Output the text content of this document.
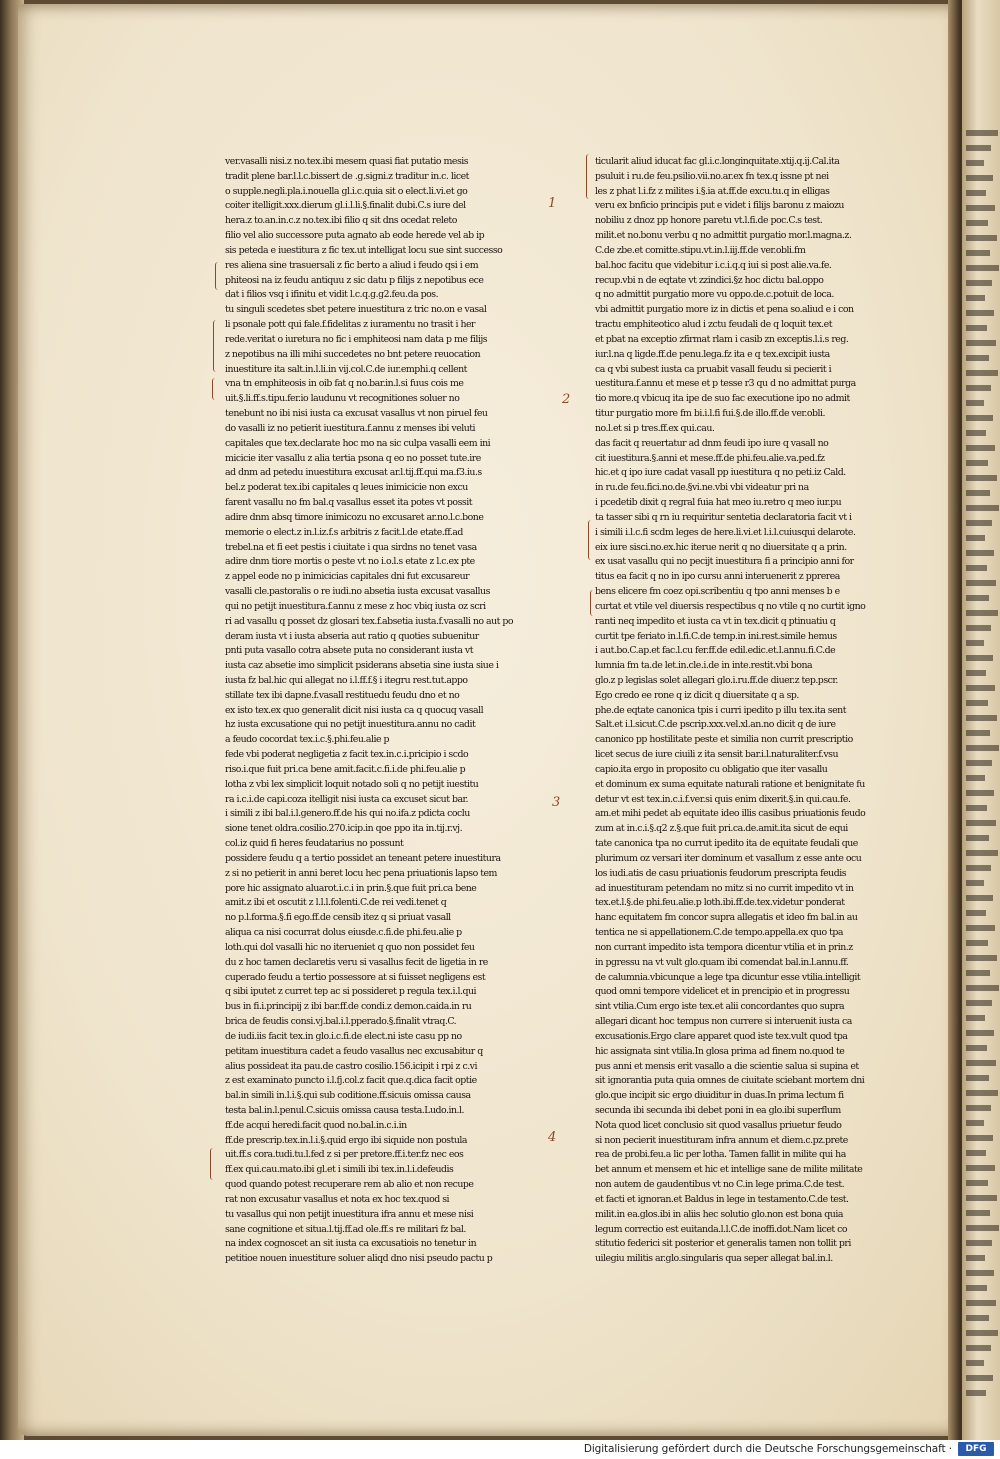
ver.vasalli nisi.z no.tex.ibi mesem quasi fiat putatio mesis
tradit plene bar.l.l.c.bissert de .g.signi.z traditur in.c. licet
o supple.negli.pla.i.nouella gl.i.c.quia sit o elect.li.vi.et go
coiter itelligit.xxx.dierum gl.i.l.li.§.finalit dubi.C.s iure del
hera.z to.an.in.c.z no.tex.ibi filio q sit dns ocedat releto
filio vel alio successore puta agnato ab eode herede vel ab ip
sis peteda e iuestitura z fic tex.ut intelligat locu sue sint successo
res aliena sine trasuersali z fic berto a aliud i feudo qsi i em
phiteosi na iz feudu antiquu z sic datu p filijs z nepotibus ece
dat i filios vsq i ifinitu et vidit l.c.q.g.g2.feu.da pos.
tu singuli scedetes sbet petere inuestitura z tric no.on e vasal
li psonale pott qui fale.f.fidelitas z iuramentu no trasit i her
rede.veritat o iuretura no fic i emphiteosi nam data p me filijs
z nepotibus na illi mihi succedetes no bnt petere reuocation
inuestiture ita salt.in.l.li.in vij.col.C.de iur.emphi.q cellent
vna tn emphiteosis in oib fat q no.bar.in.l.si fuus cois me
uit.§.li.ff.s.tipu.fer.io laudunu vt recognitiones soluer no
tenebunt no ibi nisi iusta ca excusat vasallus vt non piruel feu
do vasalli iz no petierit iuestitura.f.annu z menses ibi veluti
capitales que tex.declarate hoc mo na sic culpa vasalli eem ini
micicie iter vasallu z alia tertia psona q eo no posset tute.ire
ad dnm ad petedu inuestitura excusat ar.l.tij.ff.qui ma.f3.iu.s
bel.z poderat tex.ibi capitales q leues inimicicie non excu
farent vasallu no fm bal.q vasallus esset ita potes vt possit
adire dnm absq timore inimicozu no excusaret ar.no.l.c.bone
memorie o elect.z in.l.iz.f.s arbitris z facit.l.de etate.ff.ad
trebel.na et fi eet pestis i ciuitate i qua sirdns no tenet vasa
adire dnm tiore mortis o peste vt no i.o.l.s etate z l.c.ex pte
z appel eode no p inimicicias capitales dni fut excusareur
vasalli cle.pastoralis o re iudi.no absetia iusta excusat vasallus
qui no petijt inuestitura.f.annu z mese z hoc vbiq iusta oz scri
ri ad vasallu q posset dz glosari tex.f.absetia iusta.f.vasalli no aut po
deram iusta vt i iusta abseria aut ratio q quoties subuenitur
pnti puta vasallo cotra absete puta no considerant iusta vt
iusta caz absetie imo simplicit psiderans absetia sine iusta siue i
iusta fz bal.hic qui allegat no i.l.ff.f.§ i itegru rest.tut.appo
stillate tex ibi dapne.f.vasall restituedu feudu dno et no
ex isto tex.ex quo generalit dicit nisi iusta ca q quocuq vasall
hz iusta excusatione qui no petijt inuestitura.annu no cadit
a feudo cocordat tex.i.c.§.phi.feu.alie p
fede vbi poderat negligetia z facit tex.in.c.i.pricipio i scdo
riso.i.que fuit pri.ca bene amit.facit.c.fi.i.de phi.feu.alie p
lotha z vbi lex simplicit loquit notado soli q no petijt iuestitu
ra i.c.i.de capi.coza itelligit nisi iusta ca excuset sicut bar.
i simili z ibi bal.i.l.genero.ff.de his qui no.ifa.z pdicta coclu
sione tenet oldra.cosilio.270.icip.in qoe ppo ita in.tij.r.vj.
col.iz quid fi heres feudatarius no possunt
possidere feudu q a tertio possidet an teneant petere inuestitura
z si no petierit in anni beret locu hec pena priuationis lapso tem
pore hic assignato aluarot.i.c.i in prin.§.que fuit pri.ca bene
amit.z ibi et oscutit z l.l.l.folenti.C.de rei vedi.tenet q
no p.l.forma.§.fi ego.ff.de censib itez q si priuat vasall
aliqua ca nisi cocurrat dolus eiusde.c.fi.de phi.feu.alie p
loth.qui dol vasalli hic no iterueniet q quo non possidet feu
du z hoc tamen declaretis veru si vasallus fecit de ligetia in re
cuperado feudu a tertio possessore at si fuisset negligens est
q sibi iputet z curret tep ac si possideret p regula tex.i.l.qui
bus in fi.i.principij z ibi bar.ff.de condi.z demon.caida.in ru
brica de feudis consi.vj.bal.i.l.pperado.§.finalit vtraq.C.
de iudi.iis facit tex.in glo.i.c.fi.de elect.ni iste casu pp no
petitam inuestitura cadet a feudo vasallus nec excusabitur q
alius possideat ita pau.de castro cosilio.156.icipit i rpi z c.vi
z est examinato puncto i.l.fj.col.z facit que.q.dica facit optie
bal.in simili in.l.i.§.qui sub coditione.ff.sicuis omissa causa
testa bal.in.l.penul.C.sicuis omissa causa testa.Ludo.in.l.
ff.de acqui heredi.facit quod no.bal.in.c.i.in
ff.de prescrip.tex.in.l.i.§.quid ergo ibi siquide non postula
uit.ff.s cora.tudi.tu.l.fed z si per pretore.ff.i.ter.fz nec eos
ff.ex qui.cau.mato.ibi gl.et i simili ibi tex.in.l.i.defeudis
quod quando potest recuperare rem ab alio et non recupe
rat non excusatur vasallus et nota ex hoc tex.quod si
tu vasallus qui non petijt inuestitura ifra annu et mese nisi
sane cognitione et situa.l.tij.ff.ad ole.ff.s re militari fz bal.
na index cognoscet an sit iusta ca excusatiois no tenetur in
petitioe nouen inuestiture soluer aliqd dno nisi pseudo pactu p
ticularit aliud iducat fac gl.i.c.longinquitate.xtij.q.ij.Cal.ita
psuluit i ru.de feu.psilio.vii.no.ar.ex fn tex.q issne pt nei
les z phat l.i.fz z milites i.§.ia at.ff.de excu.tu.q in elligas
veru ex bnficio principis put e videt i filijs baronu z maiozu
nobiliu z dnoz pp honore paretu vt.l.fi.de poc.C.s test.
milit.et no.bonu verbu q no admittit purgatio mor.l.magna.z.
C.de zbe.et comitte.stipu.vt.in.l.iij.ff.de ver.obli.fm
bal.hoc facitu que videbitur i.c.i.q.q iui si post alie.va.fe.
recup.vbi n de eqtate vt zzindici.§z hoc dictu bal.oppo
q no admittit purgatio more vu oppo.de.c.potuit de loca.
vbi admittit purgatio more iz in dictis et pena so.aliud e i con
tractu emphiteotico alud i zctu feudali de q loquit tex.et
et pbat na exceptio zfirmat rlam i casib zn exceptis.l.i.s reg.
iur.l.na q ligde.ff.de penu.lega.fz ita e q tex.excipit iusta
ca q vbi subest iusta ca pruabit vasall feudu si pecierit i
uestitura.f.annu et mese et p tesse r3 qu d no admittat purga
tio more.q vbicuq ita ipe de suo fac executione ipo no admit
titur purgatio more fm bi.i.l.fi fui.§.de illo.ff.de ver.obli.
no.l.et si p tres.ff.ex qui.cau.
das facit q reuertatur ad dnm feudi ipo iure q vasall no
cit iuestitura.§.anni et mese.ff.de phi.feu.alie.va.ped.fz
hic.et q ipo iure cadat vasall pp iuestitura q no peti.iz Cald.
in ru.de feu.fici.no.de.§vi.ne.vbi vbi videatur pri na
i pcedetib dixit q regral fuia hat meo iu.retro q meo iur.pu
ta tasser sibi q rn iu requiritur sentetia declaratoria facit vt i
i simili i.l.c.fi scdm leges de here.li.vi.et l.i.l.cuiusqui delarote.
eix iure sisci.no.ex.hic iterue nerit q no diuersitate q a prin.
ex usat vasallu qui no pecijt inuestitura fi a principio anni for
titus ea facit q no in ipo cursu anni interuenerit z pprerea
bens elicere fm coez opi.scribentiu q tpo anni menses b e
curtat et vtile vel diuersis respectibus q no vtile q no curtit igno
ranti neq impedito et iusta ca vt in tex.dicit q ptinuatiu q
curtit tpe feriato in.l.fi.C.de temp.in ini.rest.simile hemus
i aut.bo.C.ap.et fac.l.cu fer.ff.de edil.edic.et.l.annu.fi.C.de
lumnia fm ta.de let.in.cle.i.de in inte.restit.vbi bona
glo.z p legislas solet allegari glo.i.ru.ff.de diuer.z tep.pscr.
Ego credo ee rone q iz dicit q diuersitate q a sp.
phe.de eqtate canonica tpis i curri ipedito p illu tex.ita sent
Salt.et i.l.sicut.C.de pscrip.xxx.vel.xl.an.no dicit q de iure
canonico pp hostilitate peste et similia non currit prescriptio
licet secus de iure ciuili z ita sensit bar.i.l.naturaliter.f.vsu
capio.ita ergo in proposito cu obligatio que iter vasallu
et dominum ex suma equitate naturali ratione et benignitate fu
detur vt est tex.in.c.i.f.ver.si quis enim dixerit.§.in qui.cau.fe.
am.et mihi pedet ab equitate ideo illis casibus priuationis feudo
zum at in.c.i.§.q2 z.§.que fuit pri.ca.de.amit.ita sicut de equi
tate canonica tpa no currut ipedito ita de equitate feudali que
plurimum oz versari iter dominum et vasallum z esse ante ocu
los iudi.atis de casu priuationis feudorum prescripta feudis
ad inuestituram petendam no mitz si no currit impedito vt in
tex.et.l.§.de phi.feu.alie.p loth.ibi.ff.de.tex.videtur ponderat
hanc equitatem fm concor supra allegatis et ideo fm bal.in au
tentica ne si appellationem.C.de tempo.appella.ex quo tpa
non currant impedito ista tempora dicentur vtilia et in prin.z
in pgressu na vt vult glo.quam ibi comendat bal.in.l.annu.ff.
de calumnia.vbicunque a lege tpa dicuntur esse vtilia.intelligit
quod omni tempore videlicet et in prencipio et in progressu
sint vtilia.Cum ergo iste tex.et alii concordantes quo supra
allegari dicant hoc tempus non currere si interuenit iusta ca
excusationis.Ergo clare apparet quod iste tex.vult quod tpa
hic assignata sint vtilia.In glosa prima ad finem no.quod te
pus anni et mensis erit vasallo a die scientie salua si supina et
sit ignorantia puta quia omnes de ciuitate sciebant mortem dni
glo.que incipit sic ergo diuiditur in duas.In prima lectum fi
secunda ibi secunda ibi debet poni in ea glo.ibi superflum
Nota quod licet conclusio sit quod vasallus priuetur feudo
si non pecierit inuestituram infra annum et diem.c.pz.prete
rea de probi.feu.a lic per lotha. Tamen fallit in milite qui ha
bet annum et mensem et hic et intellige sane de milite militate
non autem de gaudentibus vt no C.in lege prima.C.de test.
et facti et ignoran.et Baldus in lege in testamento.C.de test.
milit.in ea.glos.ibi in aliis hec solutio glo.non est bona quia
legum correctio est euitanda.l.l.C.de inoffi.dot.Nam licet co
stitutio federici sit posterior et generalis tamen non tollit pri
uilegiu militis ar.glo.singularis qua seper allegat bal.in.l.
1
2
3
4
Digitalisierung gefördert durch die Deutsche Forschungsgemeinschaft ·	DFG
